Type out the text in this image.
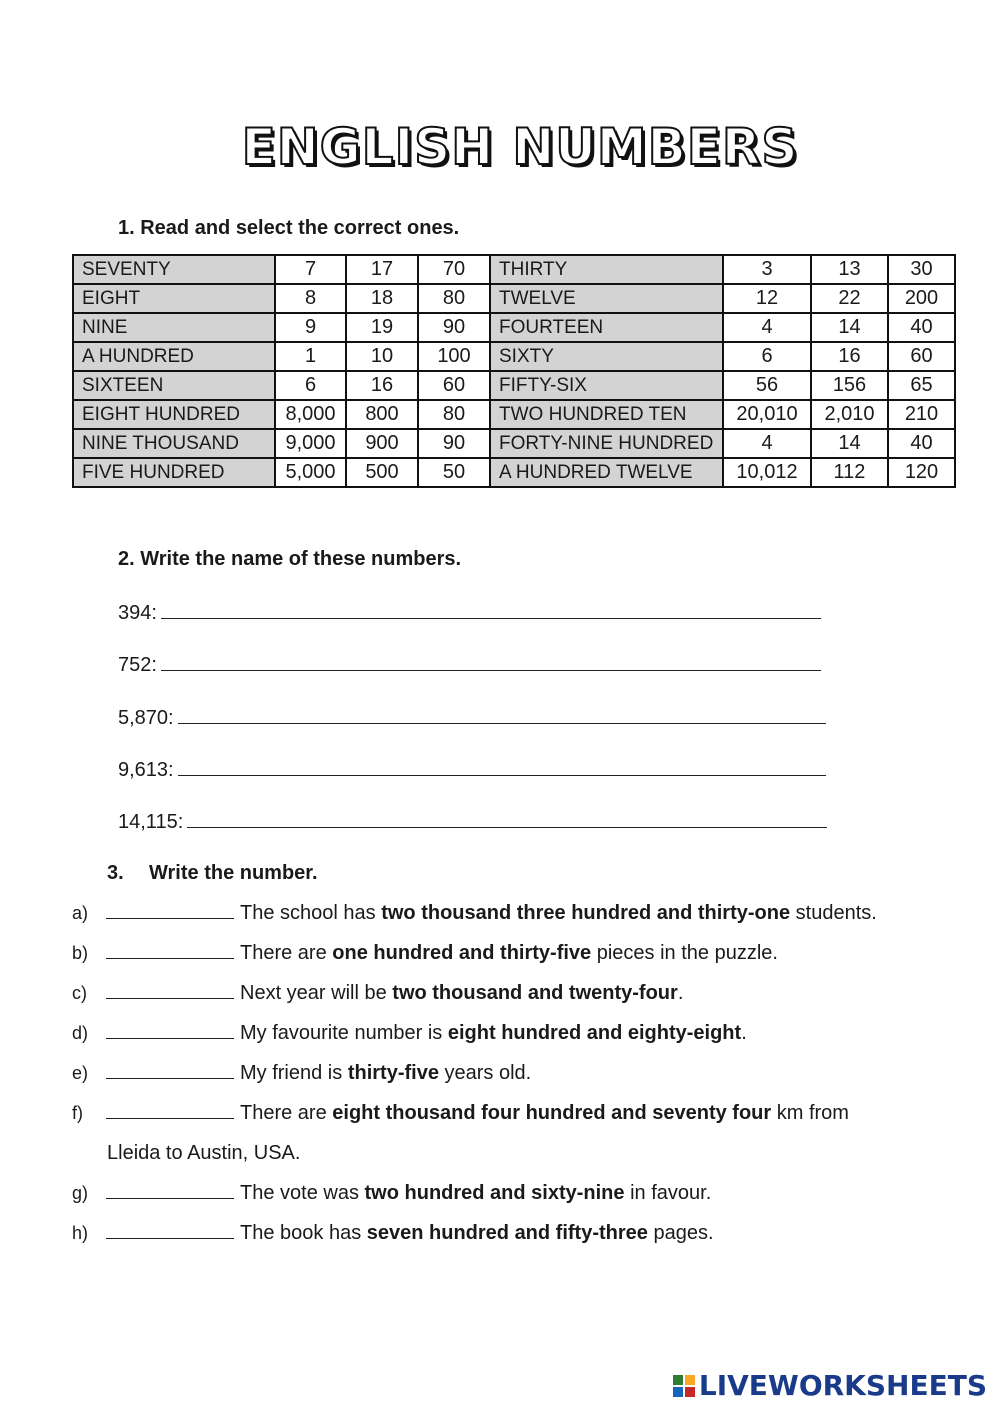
ENGLISH NUMBERS
1. Read and select the correct ones.
SEVENTY	7	17	70	THIRTY	3	13	30
EIGHT	8	18	80	TWELVE	12	22	200
NINE	9	19	90	FOURTEEN	4	14	40
A HUNDRED	1	10	100	SIXTY	6	16	60
SIXTEEN	6	16	60	FIFTY-SIX	56	156	65
EIGHT HUNDRED	8,000	800	80	TWO HUNDRED TEN	20,010	2,010	210
NINE THOUSAND	9,000	900	90	FORTY-NINE HUNDRED	4	14	40
FIVE HUNDRED	5,000	500	50	A HUNDRED TWELVE	10,012	112	120
2. Write the name of these numbers.
394:
752:
5,870:
9,613:
14,115:
3. Write the number.
a)	The school has two thousand three hundred and thirty-one students.
b)	There are one hundred and thirty-five pieces in the puzzle.
c)	Next year will be two thousand and twenty-four.
d)	My favourite number is eight hundred and eighty-eight.
e)	My friend is thirty-five years old.
f)	There are eight thousand four hundred and seventy four km from
Lleida to Austin, USA.
g)	The vote was two hundred and sixty-nine in favour.
h)	The book has seven hundred and fifty-three pages.
LIVEWORKSHEETS
